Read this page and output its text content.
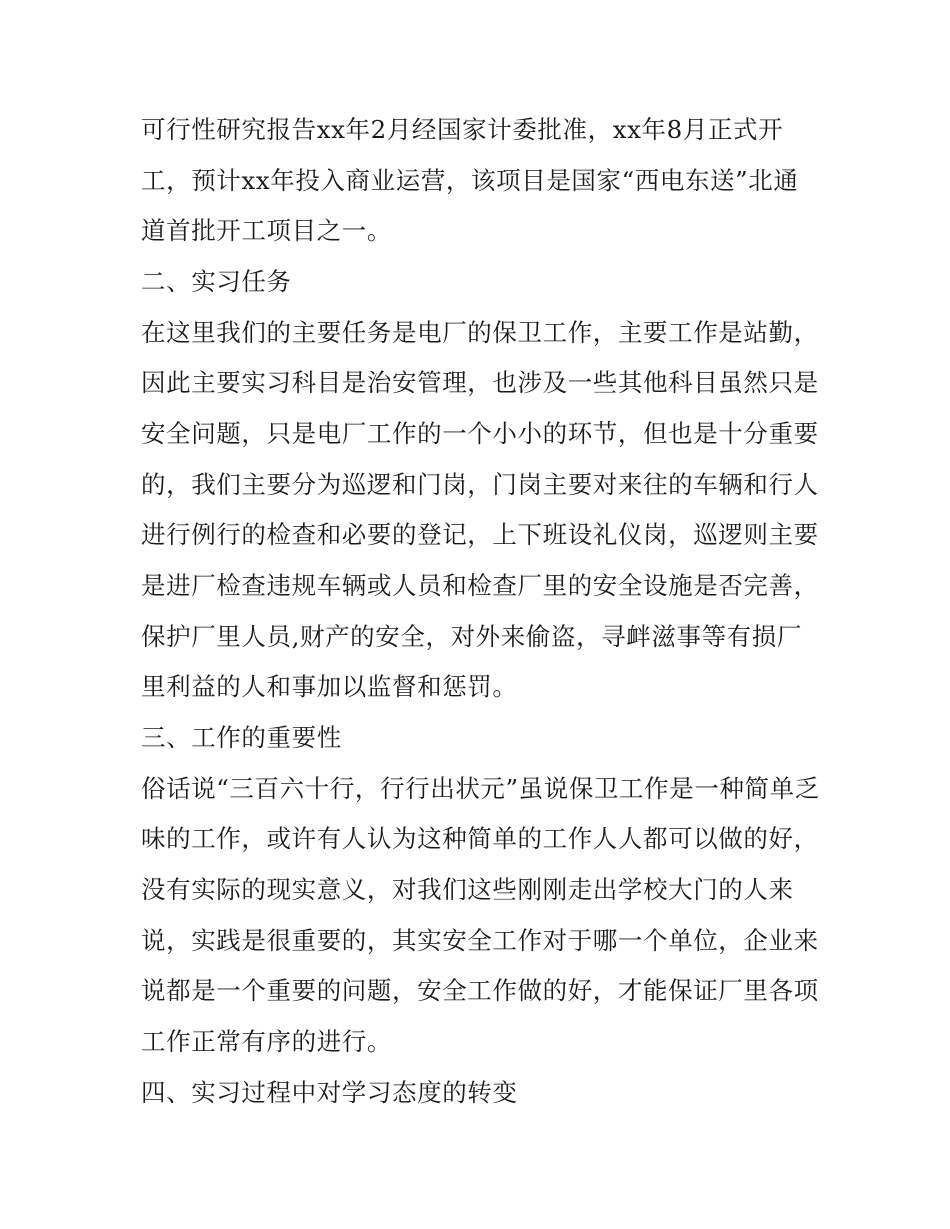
可行性研究报告xx年2月经国家计委批准，xx年8月正式开
工，预计xx年投入商业运营，该项目是国家“西电东送”北通
道首批开工项目之一。
二、实习任务
在这里我们的主要任务是电厂的保卫工作，主要工作是站勤，
因此主要实习科目是治安管理，也涉及一些其他科目虽然只是
安全问题，只是电厂工作的一个小小的环节，但也是十分重要
的，我们主要分为巡逻和门岗，门岗主要对来往的车辆和行人
进行例行的检查和必要的登记，上下班设礼仪岗，巡逻则主要
是进厂检查违规车辆或人员和检查厂里的安全设施是否完善，
保护厂里人员,财产的安全，对外来偷盗，寻衅滋事等有损厂
里利益的人和事加以监督和惩罚。
三、工作的重要性
俗话说“三百六十行，行行出状元”虽说保卫工作是一种简单乏
味的工作，或许有人认为这种简单的工作人人都可以做的好，
没有实际的现实意义，对我们这些刚刚走出学校大门的人来
说，实践是很重要的，其实安全工作对于哪一个单位，企业来
说都是一个重要的问题，安全工作做的好，才能保证厂里各项
工作正常有序的进行。
四、实习过程中对学习态度的转变
